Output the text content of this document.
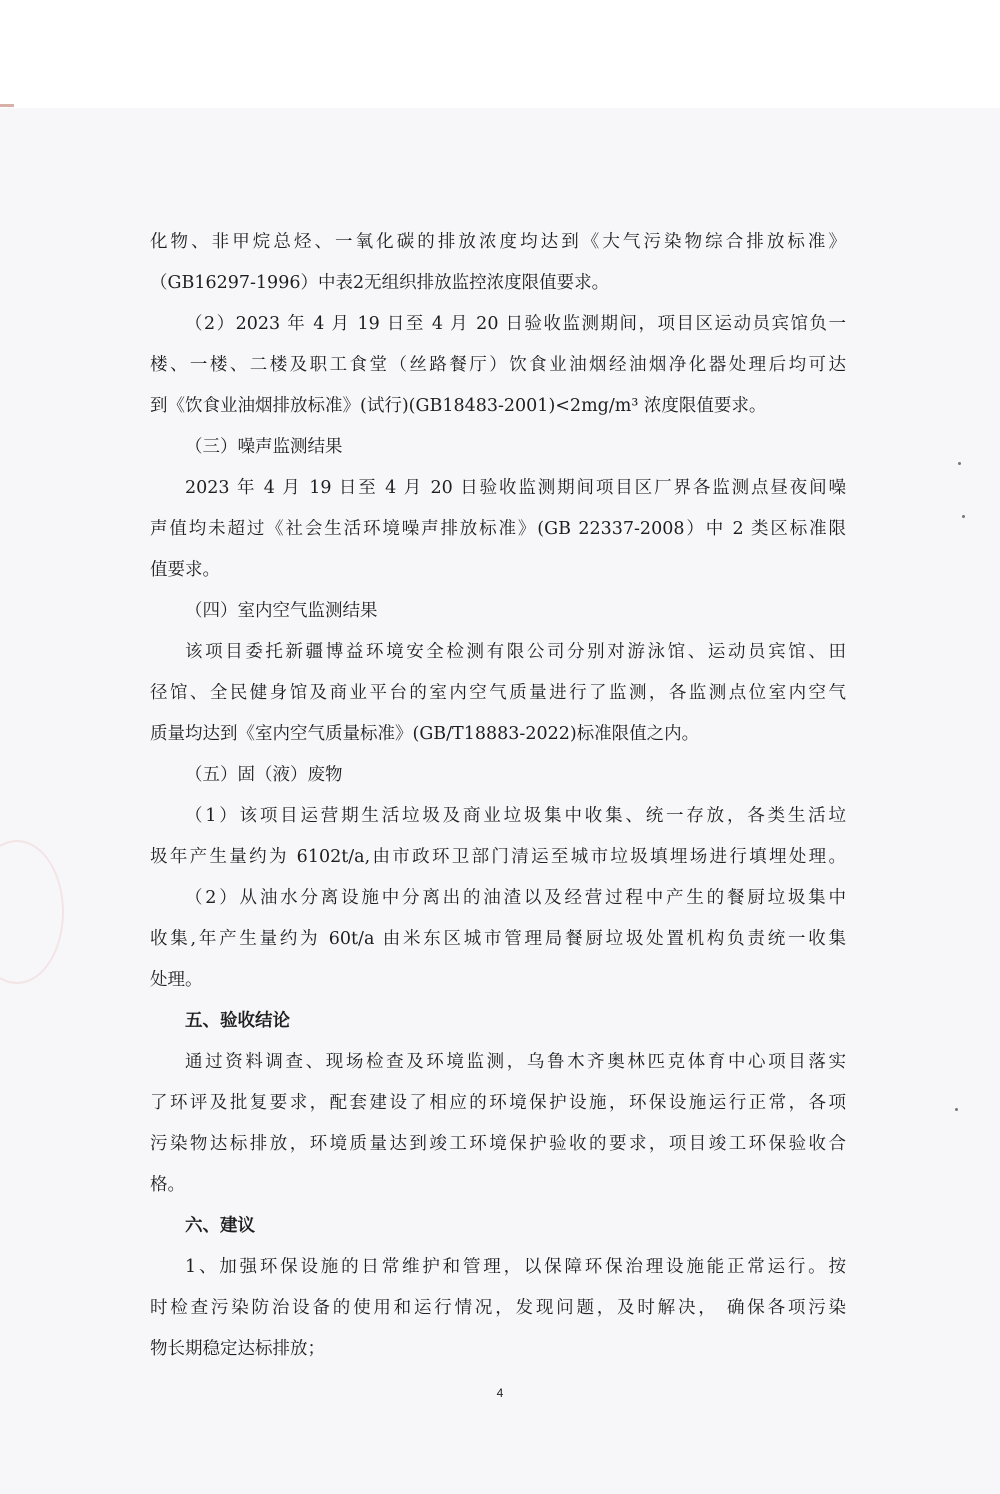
化物、非甲烷总烃、一氧化碳的排放浓度均达到《大气污染物综合排放标准》
（GB16297-1996）中表2无组织排放监控浓度限值要求。
（2）2023 年 4 月 19 日至 4 月 20 日验收监测期间，项目区运动员宾馆负一
楼、一楼、二楼及职工食堂（丝路餐厅）饮食业油烟经油烟净化器处理后均可达
到《饮食业油烟排放标准》(试行)(GB18483-2001)<2mg/m³ 浓度限值要求。
（三）噪声监测结果
2023 年 4 月 19 日至 4 月 20 日验收监测期间项目区厂界各监测点昼夜间噪
声值均未超过《社会生活环境噪声排放标准》(GB 22337-2008）中 2 类区标准限
值要求。
（四）室内空气监测结果
该项目委托新疆博益环境安全检测有限公司分别对游泳馆、运动员宾馆、田
径馆、全民健身馆及商业平台的室内空气质量进行了监测，各监测点位室内空气
质量均达到《室内空气质量标准》(GB/T18883-2022)标准限值之内。
（五）固（液）废物
（1）该项目运营期生活垃圾及商业垃圾集中收集、统一存放，各类生活垃
圾年产生量约为 6102t/a,由市政环卫部门清运至城市垃圾填埋场进行填埋处理。
（2）从油水分离设施中分离出的油渣以及经营过程中产生的餐厨垃圾集中
收集,年产生量约为 60t/a 由米东区城市管理局餐厨垃圾处置机构负责统一收集
处理。
五、验收结论
通过资料调查、现场检查及环境监测，乌鲁木齐奥林匹克体育中心项目落实
了环评及批复要求，配套建设了相应的环境保护设施，环保设施运行正常，各项
污染物达标排放，环境质量达到竣工环境保护验收的要求，项目竣工环保验收合
格。
六、建议
1、加强环保设施的日常维护和管理，以保障环保治理设施能正常运行。按
时检查污染防治设备的使用和运行情况，发现问题，及时解决， 确保各项污染
物长期稳定达标排放；
4
